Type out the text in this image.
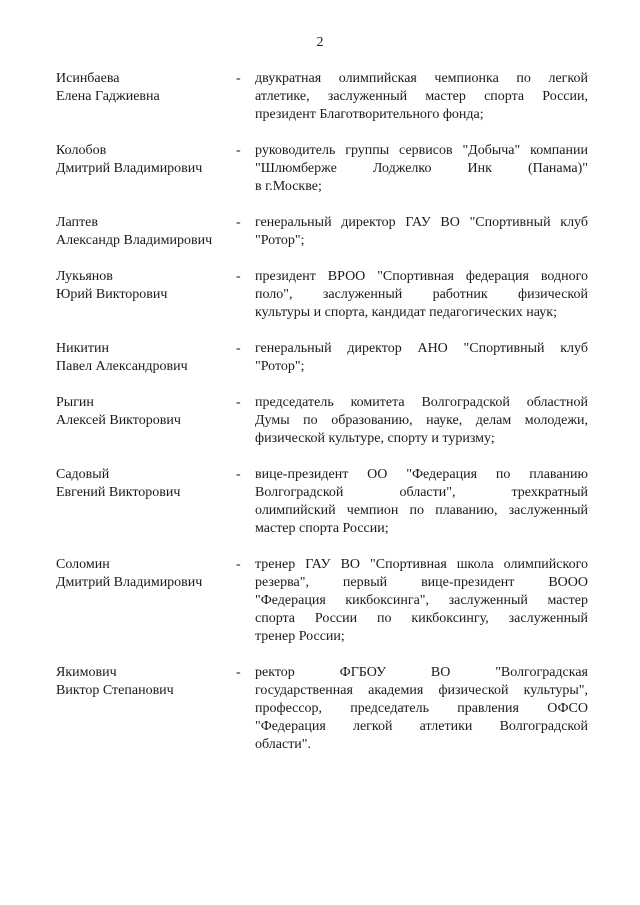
2
Исинбаева
Елена Гаджиевна
- двукратная олимпийская чемпионка по легкой
атлетике, заслуженный мастер спорта России,
президент Благотворительного фонда;
Колобов
Дмитрий Владимирович
- руководитель группы сервисов "Добыча" компании
"Шлюмберже Лоджелко Инк (Панама)"
в г.Москве;
Лаптев
Александр Владимирович
- генеральный директор ГАУ ВО "Спортивный клуб
"Ротор";
Лукьянов
Юрий Викторович
- президент ВРОО "Спортивная федерация водного
поло", заслуженный работник физической
культуры и спорта, кандидат педагогических наук;
Никитин
Павел Александрович
- генеральный директор АНО "Спортивный клуб
"Ротор";
Рыгин
Алексей Викторович
- председатель комитета Волгоградской областной
Думы по образованию, науке, делам молодежи,
физической культуре, спорту и туризму;
Садовый
Евгений Викторович
- вице-президент ОО "Федерация по плаванию
Волгоградской области", трехкратный
олимпийский чемпион по плаванию, заслуженный
мастер спорта России;
Соломин
Дмитрий Владимирович
- тренер ГАУ ВО "Спортивная школа олимпийского
резерва", первый вице-президент ВООО
"Федерация кикбоксинга", заслуженный мастер
спорта России по кикбоксингу, заслуженный
тренер России;
Якимович
Виктор Степанович
- ректор ФГБОУ ВО "Волгоградская
государственная академия физической культуры",
профессор, председатель правления ОФСО
"Федерация легкой атлетики Волгоградской
области".
